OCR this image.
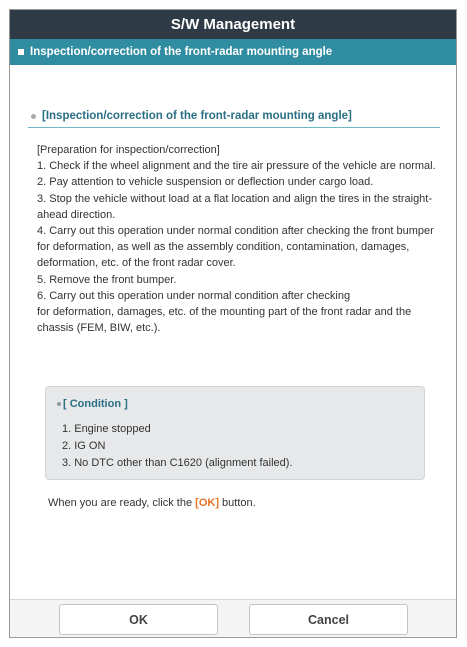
S/W Management
Inspection/correction of the front-radar mounting angle
[Inspection/correction of the front-radar mounting angle]

[Preparation for inspection/correction]

1. Check if the wheel alignment and the tire air pressure of the vehicle are normal.

2. Pay attention to vehicle suspension or deflection under cargo load.

3. Stop the vehicle without load at a flat location and align the tires in the straight-ahead direction.

4. Carry out this operation under normal condition after checking the front bumper for deformation, as well as the assembly condition, contamination, damages, deformation, etc. of the front radar cover.

5. Remove the front bumper.

6. Carry out this operation under normal condition after checking

for deformation, damages, etc. of the mounting part of the front radar and the chassis (FEM, BIW, etc.).

[ Condition ]

1. Engine stopped

2. IG ON

3. No DTC other than C1620 (alignment failed).

When you are ready, click the [OK] button.
OK	Cancel
